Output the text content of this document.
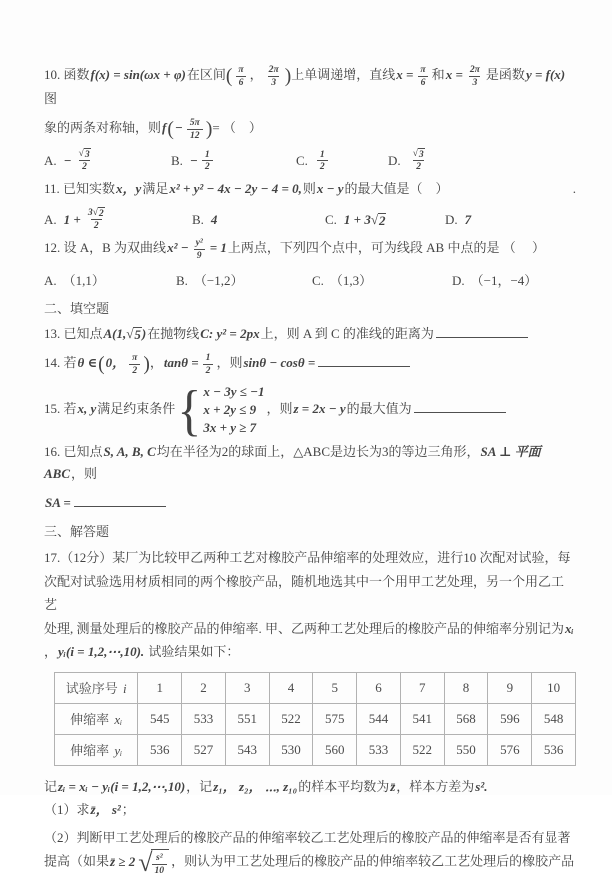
10. 函数f(x) = sin(ωx + φ)在区间( $\frac{\pi}{6}$ ， $\frac{2\pi}{3}$ )上单调递增，直线$x = \frac{\pi}{6}$ 和$x = \frac{2\pi}{3}$ 是函数y = f(x)图
象的两条对称轴，则$f(- \frac{5\pi}{12}$ )= （　）
A. − $\frac{√ 3}{2}$	B. − $\frac{1}{2}$	C. $\frac{1}{2}$	D. $\frac{√ 3}{2}$
11. 已知实数x，y满足x² + y² − 4x − 2y − 4 = 0,则x − y的最大值是（　）	.
A. $1 + \frac{3 √ 2}{2}$	B. 4	C. 1 + 3 √ 2	D. 7
12. 设 A，B 为双曲线$x^2 - \frac{\text{y²}}{9} = 1$上两点，下列四个点中，可为线段 AB 中点的是 （　 ）
A. （1,1）	B. （−1,2）	C. （1,3）	D. （−1，−4）
二、填空题
13. 已知点A(1, √ 5 )在抛物线C: y² = 2px上，则 A 到 C 的准线的距离为
14. 若θ ∈(0， $\frac{\pi}{2}$ )，$\tan\theta = \frac{1}{2}$ ，则sinθ − cosθ =
15. 若x, y满足约束条件 { x − 3y ≤ −1
x + 2y ≤ 9
3x + y ≥ 7
，则z = 2x − y的最大值为
16. 已知点S, A, B, C均在半径为2的球面上，△ABC是边长为3的等边三角形，SA ⊥ 平面ABC，则
SA =
三、解答题
17.（12分）某厂为比较甲乙两种工艺对橡胶产品伸缩率的处理效应，进行10 次配对试验，每
次配对试验选用材质相同的两个橡胶产品，随机地选其中一个用甲工艺处理，另一个用乙工艺
处理, 测量处理后的橡胶产品的伸缩率. 甲、乙两种工艺处理后的橡胶产品的伸缩率分别记为xᵢ
，yᵢ(i = 1,2,⋯,10). 试验结果如下：
试验序号 i	1	2	3	4	5	6	7	8	9	10
伸缩率 xᵢ	545	533	551	522	575	544	541	568	596	548
伸缩率 yᵢ	536	527	543	530	560	533	522	550	576	536
记zᵢ = xᵢ − yᵢ(i = 1,2,⋯,10)，记z₁， z₂， ⋯, z₁₀的样本平均数为z̄，样本方差为s².
（1）求z̄， s²；
（2）判断甲工艺处理后的橡胶产品的伸缩率较乙工艺处理后的橡胶产品的伸缩率是否有显著
提高（如果z̄ ≥ 2 √ $\frac{\text{s²}}{10}$ ，则认为甲工艺处理后的橡胶产品的伸缩率较乙工艺处理后的橡胶产品
